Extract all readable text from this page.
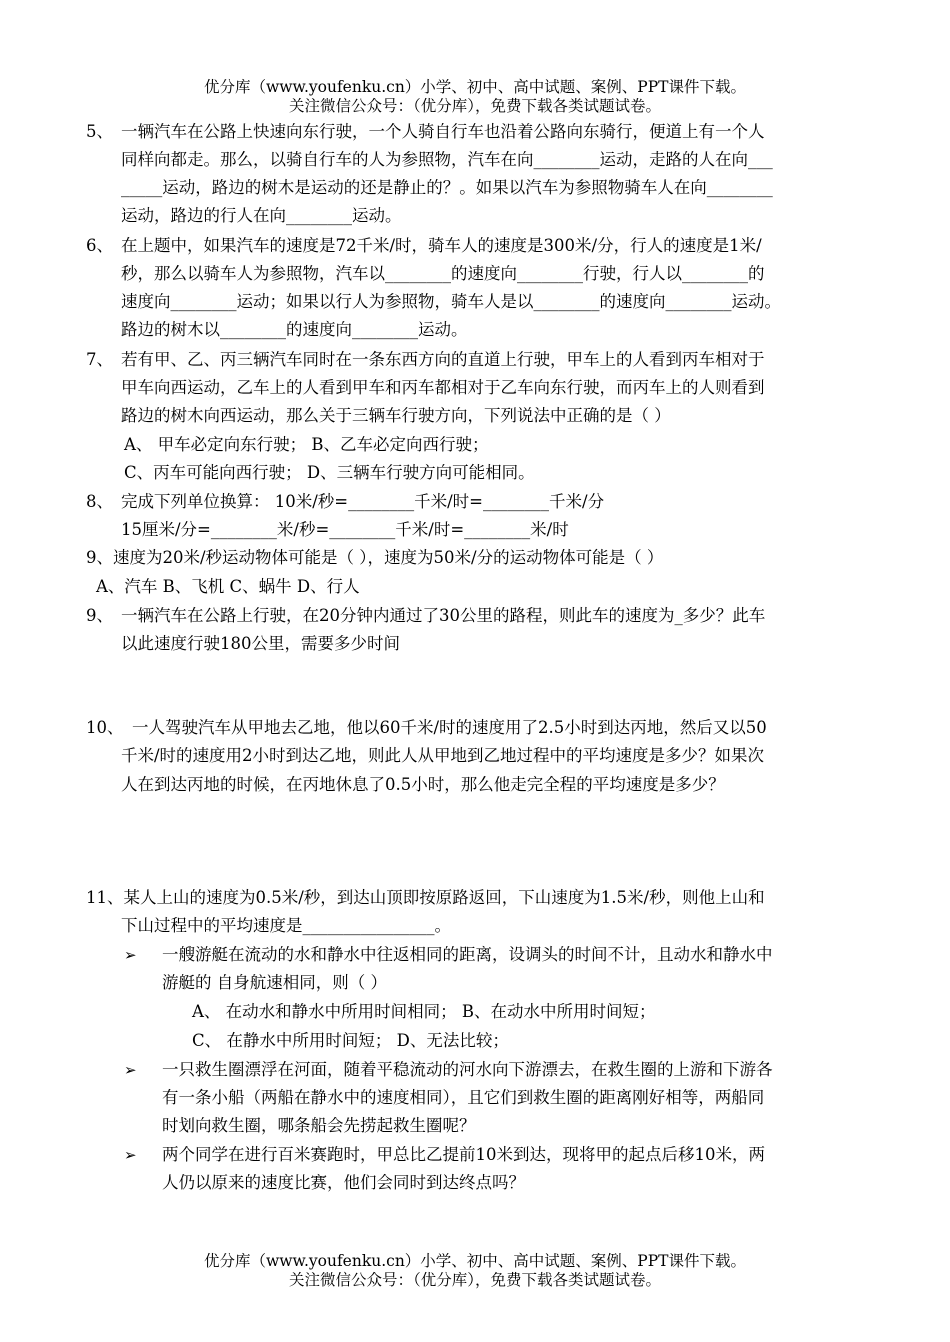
优分库（www.youfenku.cn）小学、初中、高中试题、案例、PPT课件下载。
关注微信公众号：（优分库），免费下载各类试题试卷。
5、 一辆汽车在公路上快速向东行驶，一个人骑自行车也沿着公路向东骑行，便道上有一个人
同样向都走。那么，以骑自行车的人为参照物，汽车在向________运动，走路的人在向___
_____运动，路边的树木是运动的还是静止的？。如果以汽车为参照物骑车人在向________
运动，路边的行人在向________运动。
6、 在上题中，如果汽车的速度是72千米/时，骑车人的速度是300米/分，行人的速度是1米/
秒，那么以骑车人为参照物，汽车以________的速度向________行驶，行人以________的
速度向________运动；如果以行人为参照物，骑车人是以________的速度向________运动。
路边的树木以________的速度向________运动。
7、 若有甲、乙、丙三辆汽车同时在一条东西方向的直道上行驶，甲车上的人看到丙车相对于
甲车向西运动，乙车上的人看到甲车和丙车都相对于乙车向东行驶，而丙车上的人则看到
路边的树木向西运动，那么关于三辆车行驶方向，下列说法中正确的是（ ）
A、 甲车必定向东行驶； B、乙车必定向西行驶；
C、丙车可能向西行驶； D、三辆车行驶方向可能相同。
8、 完成下列单位换算： 10米/秒=________千米/时=________千米/分
15厘米/分=________米/秒=________千米/时=________米/时
9、速度为20米/秒运动物体可能是（ ），速度为50米/分的运动物体可能是（ ）
A、汽车 B、飞机 C、蜗牛 D、行人
9、 一辆汽车在公路上行驶，在20分钟内通过了30公里的路程，则此车的速度为_多少？此车
以此速度行驶180公里，需要多少时间
10、 一人驾驶汽车从甲地去乙地，他以60千米/时的速度用了2.5小时到达丙地，然后又以50
千米/时的速度用2小时到达乙地，则此人从甲地到乙地过程中的平均速度是多少？如果次
人在到达丙地的时候，在丙地休息了0.5小时，那么他走完全程的平均速度是多少？
11、某人上山的速度为0.5米/秒，到达山顶即按原路返回，下山速度为1.5米/秒，则他上山和
下山过程中的平均速度是________________。
➢ 一艘游艇在流动的水和静水中往返相同的距离，设调头的时间不计，且动水和静水中
游艇的 自身航速相同，则（ ）
A、 在动水和静水中所用时间相同； B、在动水中所用时间短；
C、 在静水中所用时间短； D、无法比较；
➢ 一只救生圈漂浮在河面，随着平稳流动的河水向下游漂去，在救生圈的上游和下游各
有一条小船（两船在静水中的速度相同），且它们到救生圈的距离刚好相等，两船同
时划向救生圈，哪条船会先捞起救生圈呢？
➢ 两个同学在进行百米赛跑时，甲总比乙提前10米到达，现将甲的起点后移10米，两
人仍以原来的速度比赛，他们会同时到达终点吗？
优分库（www.youfenku.cn）小学、初中、高中试题、案例、PPT课件下载。
关注微信公众号：（优分库），免费下载各类试题试卷。
